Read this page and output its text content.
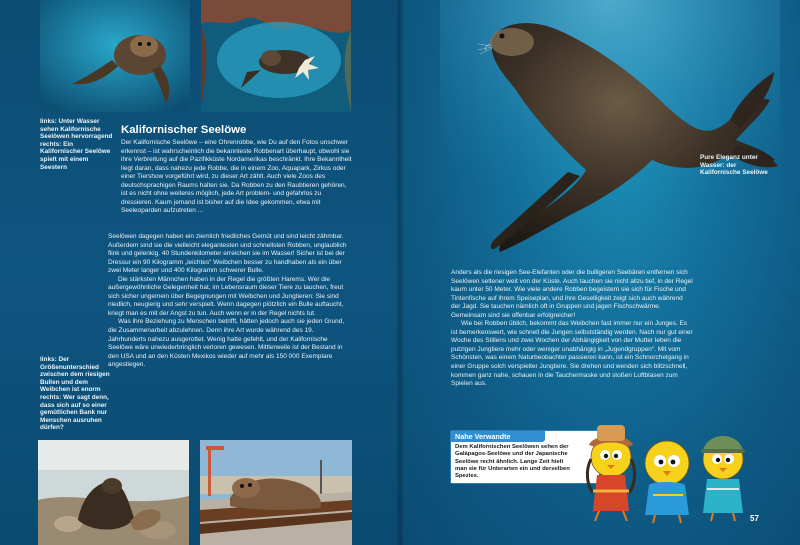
links: Unter Wasser sehen Kalifornische Seelöwen hervorragend rechts: Ein Kalifornischer Seelöwe spielt mit einem Seestern
Kalifornischer Seelöwe

Der Kalifornische Seelöwe – eine Ohrenrobbe, wie Du auf den Fotos unschwer erkennst – ist wahrscheinlich die bekannteste Robbenart überhaupt, obwohl sie ihre Verbreitung auf die Pazifikküste Nordamerikas beschränkt. Ihre Bekanntheit liegt daran, dass nahezu jede Robbe, die in einem Zoo, Aquapark, Zirkus oder einer Tiershow vorgeführt wird, zu dieser Art zählt. Auch viele Zoos des deutschsprachigen Raums halten sie. Da Robben zu den Raubtieren gehören, ist es nicht ohne weiteres möglich, jede Art problem- und gefahrlos zu dressieren. Kaum jemand ist bisher auf die Idee gekommen, etwa mit Seeleoparden aufzutreten ...

Seelöwen dagegen haben ein ziemlich friedliches Gemüt und sind leicht zähmbar. Außerdem sind sie die vielleicht elegantesten und schnellsten Robben, unglaublich flink und gelenkig. 40 Stundenkilometer erreichen sie im Wasser! Sicher ist bei der Dressur ein 90 Kilogramm „leichtes“ Weibchen besser zu handhaben als ein über zwei Meter langer und 400 Kilogramm schwerer Bulle.

Die stärksten Männchen haben in der Regel die größten Harems. Wer die außergewöhnliche Gelegenheit hat, im Lebensraum dieser Tiere zu tauchen, freut sich sicher ungemein über Begegnungen mit Weibchen und Jungtieren: Sie sind niedlich, neugierig und sehr verspielt. Wenn dagegen plötzlich ein Bulle auftaucht, kriegt man es mit der Angst zu tun. Auch wenn er in der Regel nichts tut.

Was ihre Beziehung zu Menschen betrifft, hätten jedoch auch sie jeden Grund, die Zusammenarbeit abzulehnen. Denn ihre Art wurde während des 19. Jahrhunderts nahezu ausgerottet. Wenig hatte gefehlt, und der Kalifornische Seelöwe wäre unwiederbringlich verloren gewesen. Mittlerweile ist der Bestand in den USA und an den Küsten Mexikos wieder auf mehr als 150 000 Exemplare angestiegen.

links: Der Größenunterschied zwischen dem riesigen Bullen und dem Weibchen ist enorm rechts: Wer sagt denn, dass sich auf so einer gemütlichen Bank nur Menschen ausruhen dürfen?
Pure Eleganz unter Wasser: der Kalifornische Seelöwe

Anders als die riesigen See-Elefanten oder die bulligeren Seebären entfernen sich Seelöwen seltener weit von der Küste. Auch tauchen sie nicht allzu tief, in der Regel kaum unter 50 Meter. Wie viele andere Robben begeistern sie sich für Fische und Tintenfische auf ihrem Speiseplan, und ihre Geselligkeit zeigt sich auch während der Jagd. Sie tauchen nämlich oft in Gruppen und jagen Fischschwärme. Gemeinsam sind sie offenbar erfolgreicher!

Wie bei Robben üblich, bekommt das Weibchen fast immer nur ein Junges. Es ist bemerkenswert, wie schnell die Jungen selbstständig werden. Nach nur gut einer Woche des Stillens und zwei Wochen der Abhängigkeit von der Mutter leben die putzigen Jungtiere mehr oder weniger unabhängig in „Jugendgruppen“. Mit vom Schönsten, was einem Naturbeobachter passieren kann, ist ein Schnorchelgang in einer Gruppe solch verspielter Jungtiere. Sie drehen und wenden sich blitzschnell, kommen ganz nahe, schauen in die Tauchermaske und stoßen Luftblasen zum Spielen aus.

Nahe Verwandte
Dem Kalifornischen Seelöwen sehen der Galápagos-Seelöwe und der Japanische Seelöwe recht ähnlich. Lange Zeit hielt man sie für Unterarten ein und derselben Spezies.
57
